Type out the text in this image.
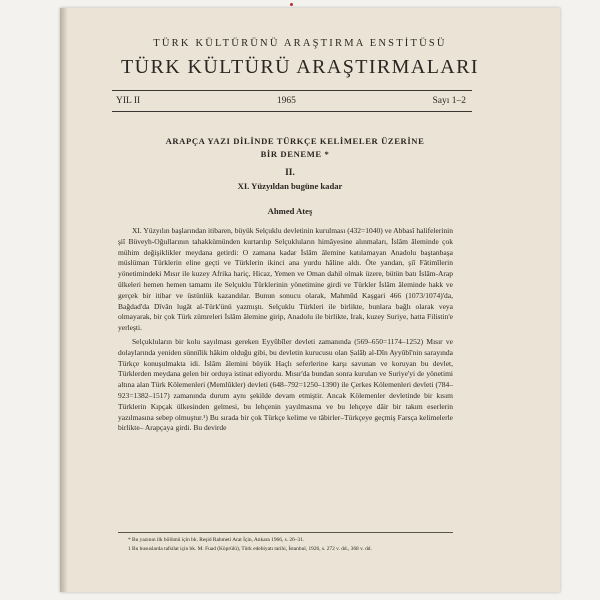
TÜRK KÜLTÜRÜNÜ ARAŞTIRMA ENSTİTÜSÜ
TÜRK KÜLTÜRÜ ARAŞTIRMALARI
YIL II	1965	Sayı 1–2
ARAPÇA YAZI DİLİNDE TÜRKÇE KELİMELER ÜZERİNE
BİR DENEME *
II.
XI. Yüzyıldan bugüne kadar
Ahmed Ateş

XI. Yüzyılın başlarından itibaren, büyük Selçuklu devletinin kurulması (432=1040) ve Abbasî halifelerinin şiî Büveyh-Oğullarının tahakkümünden kurtarılıp Selçukluların himâyesine alınmaları, İslâm âleminde çok mühim değişiklikler meydana getirdi: O zamana kadar İslâm âlemine katılamayan Anadolu baştanbaşa müslüman Türklerin eline geçti ve Türklerin ikinci ana yurdu hâline aldı. Öte yandan, şiî Fâtimîlerin yönetimindeki Mısır ile kuzey Afrika hariç, Hicaz, Yemen ve Oman dahil olmak üzere, bütün batı İslâm-Arap ülkeleri hemen hemen tamamı ile Selçuklu Türklerinin yönetimine girdi ve Türkler İslâm âleminde hakk ve gerçek bir itibar ve üstünlük kazandılar. Bunun sonucu olarak, Mahmûd Kaşgari 466 (1073/1074)'da, Bağdad'da Dîvân lugât al-Türk'ünü yazmıştı. Selçuklu Türkleri ile birlikte, bunlara bağlı olarak veya olmayarak, bir çok Türk zümreleri İslâm âlemine girip, Anadolu ile birlikte, Irak, kuzey Suriye, hatta Filistin'e yerleşti.

Selçukluların bir kolu sayılması gereken Eyyûbîler devleti zamanında (569–650=1174–1252) Mısır ve dolaylarında yeniden sünnîlik hâkim olduğu gibi, bu devletin kurucusu olan Ṣalāḥ al-Dîn Ayyûbî'nin sarayında Türkçe konuşulmakta idi. İslâm âlemini büyük Haçlı seferlerine karşı savunan ve koruyan bu devlet, Türklerden meydana gelen bir orduya istinat ediyordu. Mısır'da bundan sonra kurulan ve Suriye'yi de yönetimi altına alan Türk Kölemenleri (Memlûkler) devleti (648–792=1250–1390) ile Çerkes Kölemenleri devleti (784–923=1382–1517) zamanında durum aynı şekilde devam etmiştir. Ancak Kölemenler devletinde bir kısım Türklerin Kıpçak ülkesinden gelmesi, bu lehçenin yayılmasına ve bu lehçeye dâir bir takım eserlerin yazılmasına sebep olmuştur.¹) Bu sırada bir çok Türkçe kelime ve tâbirler–Türkçeye geçmiş Farsça kelimelerle birlikte– Arapçaya girdi. Bu devirde

* Bu yazının ilk bölümü için bk. Reşid Rahmeti Arat İçin, Ankara 1966, s. 26–31.

1 Bu hususlarda tafsilat için bk. M. Fuad (Köprülü), Türk edebiyatı tarihi, İstanbul, 1926, s. 272 v. dd., 368 v. dd.
